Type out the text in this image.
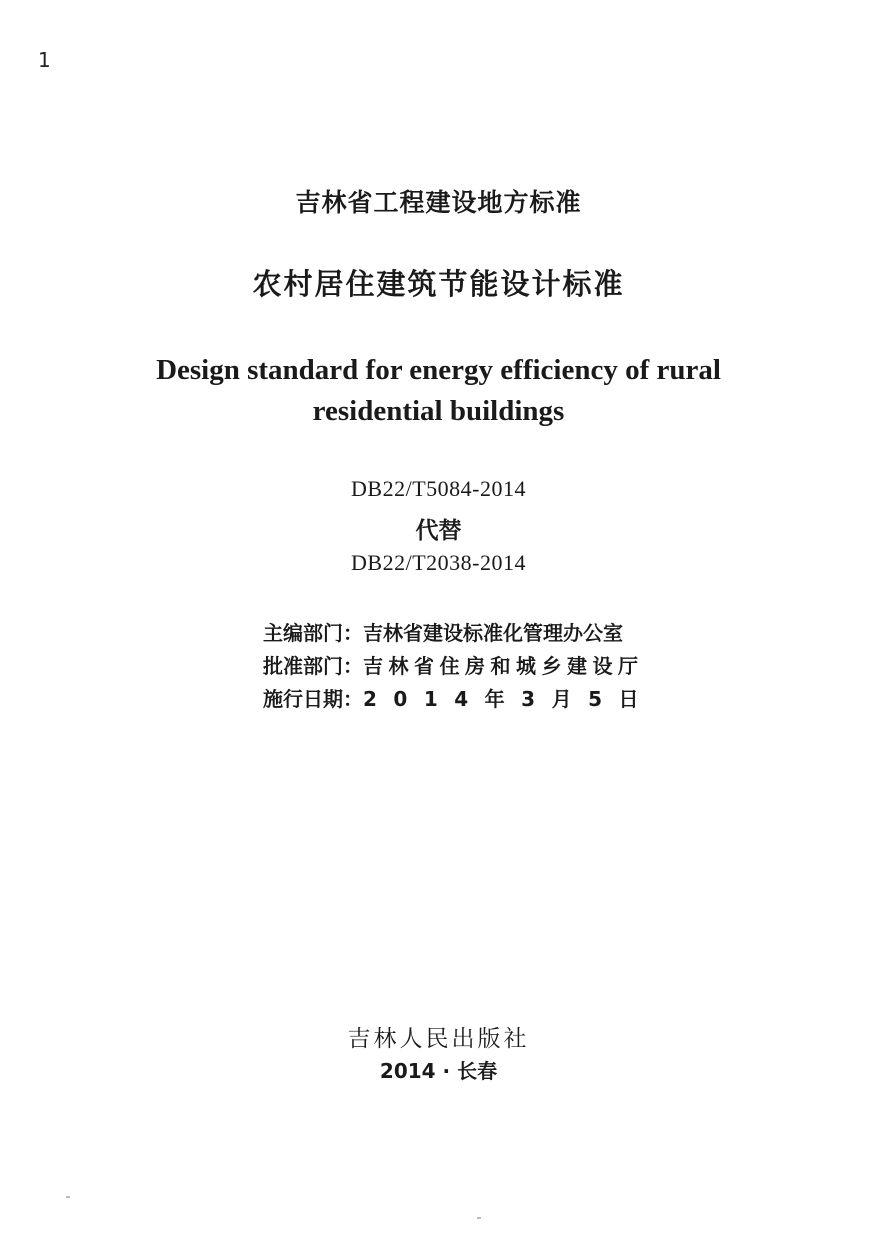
1
吉林省工程建设地方标准
农村居住建筑节能设计标准
Design standard for energy efficiency of rural
residential buildings
DB22/T5084-2014
代替
DB22/T2038-2014
主编部门：吉林省建设标准化管理办公室
批准部门：吉林省住房和城乡建设厅
施行日期：2014年3月5日
吉林人民出版社
2014 · 长春
